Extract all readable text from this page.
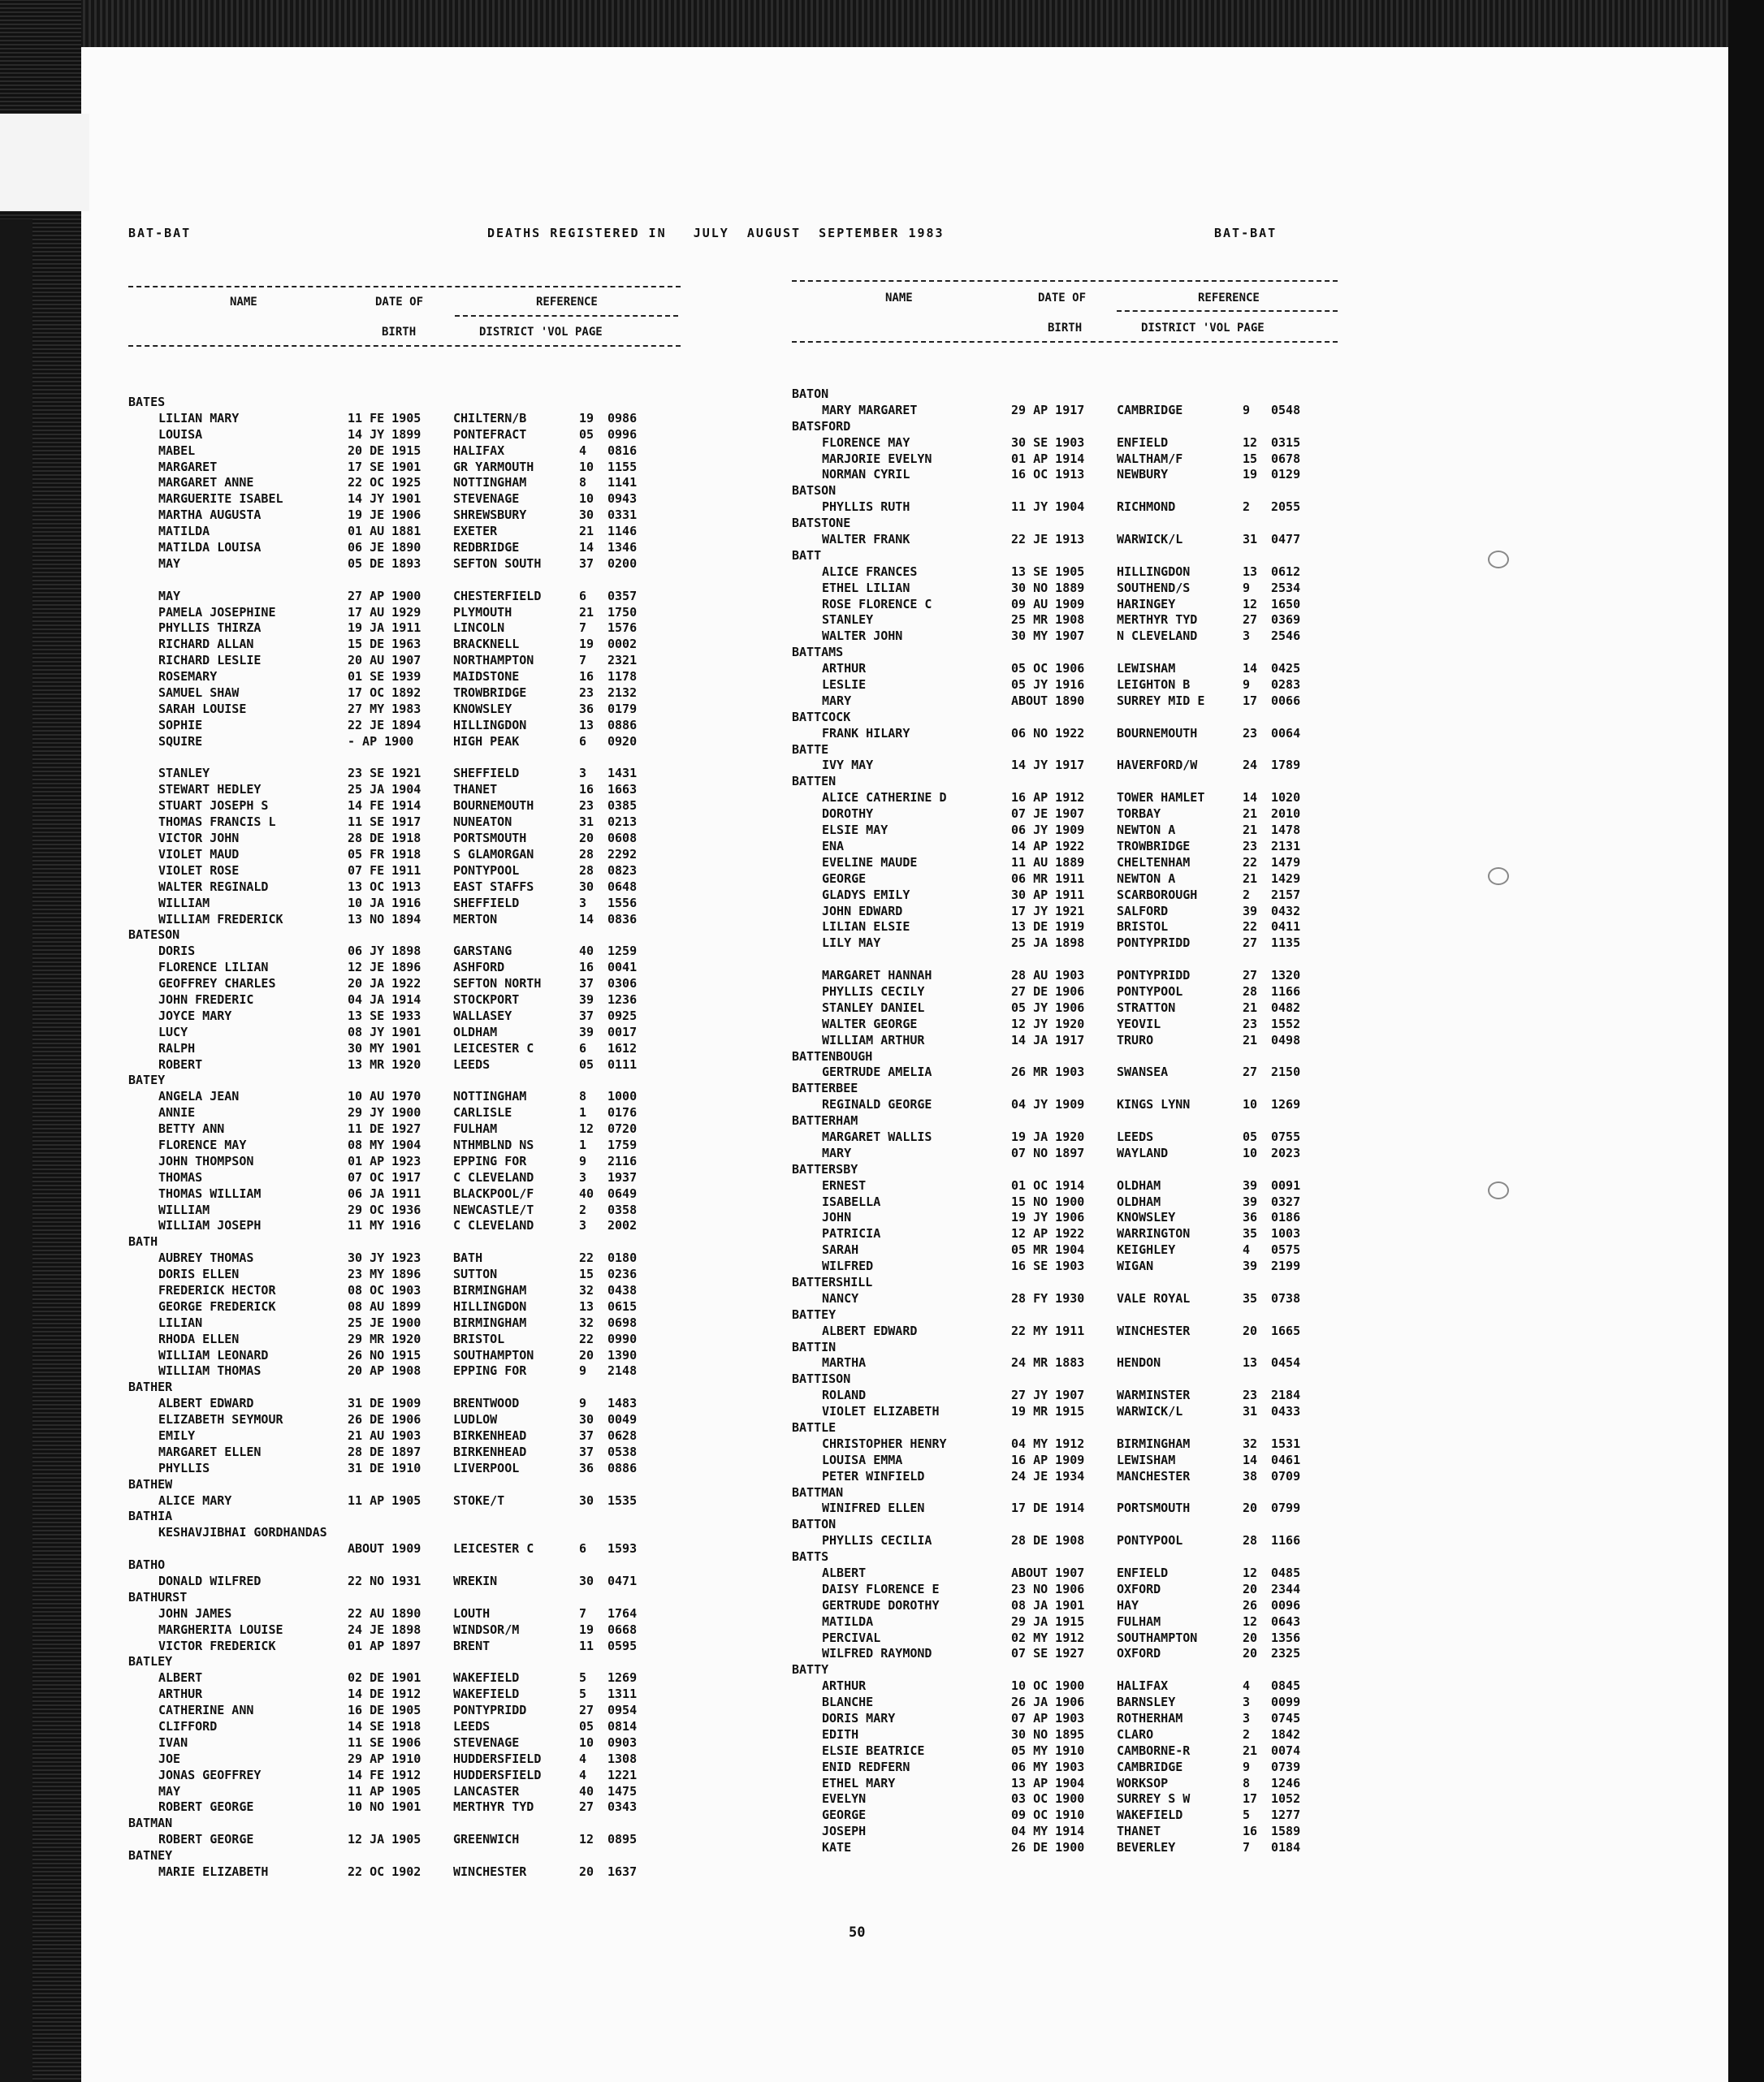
BAT-BAT	DEATHS REGISTERED IN   JULY  AUGUST  SEPTEMBER 1983	BAT-BAT
NAME	DATE OF	REFERENCE
BIRTH	DISTRICT 'VOL PAGE
NAME	DATE OF	REFERENCE
BIRTH	DISTRICT 'VOL PAGE
BATES
LILIAN MARY	11 FE 1905	CHILTERN/B	19 0986
LOUISA	14 JY 1899	PONTEFRACT	05 0996
MABEL	20 DE 1915	HALIFAX	4 0816
MARGARET	17 SE 1901	GR YARMOUTH	10 1155
MARGARET ANNE	22 OC 1925	NOTTINGHAM	8 1141
MARGUERITE ISABEL	14 JY 1901	STEVENAGE	10 0943
MARTHA AUGUSTA	19 JE 1906	SHREWSBURY	30 0331
MATILDA	01 AU 1881	EXETER	21 1146
MATILDA LOUISA	06 JE 1890	REDBRIDGE	14 1346
MAY	05 DE 1893	SEFTON SOUTH	37 0200
MAY	27 AP 1900	CHESTERFIELD	6 0357
PAMELA JOSEPHINE	17 AU 1929	PLYMOUTH	21 1750
PHYLLIS THIRZA	19 JA 1911	LINCOLN	7 1576
RICHARD ALLAN	15 DE 1963	BRACKNELL	19 0002
RICHARD LESLIE	20 AU 1907	NORTHAMPTON	7 2321
ROSEMARY	01 SE 1939	MAIDSTONE	16 1178
SAMUEL SHAW	17 OC 1892	TROWBRIDGE	23 2132
SARAH LOUISE	27 MY 1983	KNOWSLEY	36 0179
SOPHIE	22 JE 1894	HILLINGDON	13 0886
SQUIRE	- AP 1900	HIGH PEAK	6 0920
STANLEY	23 SE 1921	SHEFFIELD	3 1431
STEWART HEDLEY	25 JA 1904	THANET	16 1663
STUART JOSEPH S	14 FE 1914	BOURNEMOUTH	23 0385
THOMAS FRANCIS L	11 SE 1917	NUNEATON	31 0213
VICTOR JOHN	28 DE 1918	PORTSMOUTH	20 0608
VIOLET MAUD	05 FR 1918	S GLAMORGAN	28 2292
VIOLET ROSE	07 FE 1911	PONTYPOOL	28 0823
WALTER REGINALD	13 OC 1913	EAST STAFFS	30 0648
WILLIAM	10 JA 1916	SHEFFIELD	3 1556
WILLIAM FREDERICK	13 NO 1894	MERTON	14 0836
BATESON
DORIS	06 JY 1898	GARSTANG	40 1259
FLORENCE LILIAN	12 JE 1896	ASHFORD	16 0041
GEOFFREY CHARLES	20 JA 1922	SEFTON NORTH	37 0306
JOHN FREDERIC	04 JA 1914	STOCKPORT	39 1236
JOYCE MARY	13 SE 1933	WALLASEY	37 0925
LUCY	08 JY 1901	OLDHAM	39 0017
RALPH	30 MY 1901	LEICESTER C	6 1612
ROBERT	13 MR 1920	LEEDS	05 0111
BATEY
ANGELA JEAN	10 AU 1970	NOTTINGHAM	8 1000
ANNIE	29 JY 1900	CARLISLE	1 0176
BETTY ANN	11 DE 1927	FULHAM	12 0720
FLORENCE MAY	08 MY 1904	NTHMBLND NS	1 1759
JOHN THOMPSON	01 AP 1923	EPPING FOR	9 2116
THOMAS	07 OC 1917	C CLEVELAND	3 1937
THOMAS WILLIAM	06 JA 1911	BLACKPOOL/F	40 0649
WILLIAM	29 OC 1936	NEWCASTLE/T	2 0358
WILLIAM JOSEPH	11 MY 1916	C CLEVELAND	3 2002
BATH
AUBREY THOMAS	30 JY 1923	BATH	22 0180
DORIS ELLEN	23 MY 1896	SUTTON	15 0236
FREDERICK HECTOR	08 OC 1903	BIRMINGHAM	32 0438
GEORGE FREDERICK	08 AU 1899	HILLINGDON	13 0615
LILIAN	25 JE 1900	BIRMINGHAM	32 0698
RHODA ELLEN	29 MR 1920	BRISTOL	22 0990
WILLIAM LEONARD	26 NO 1915	SOUTHAMPTON	20 1390
WILLIAM THOMAS	20 AP 1908	EPPING FOR	9 2148
BATHER
ALBERT EDWARD	31 DE 1909	BRENTWOOD	9 1483
ELIZABETH SEYMOUR	26 DE 1906	LUDLOW	30 0049
EMILY	21 AU 1903	BIRKENHEAD	37 0628
MARGARET ELLEN	28 DE 1897	BIRKENHEAD	37 0538
PHYLLIS	31 DE 1910	LIVERPOOL	36 0886
BATHEW
ALICE MARY	11 AP 1905	STOKE/T	30 1535
BATHIA
KESHAVJIBHAI GORDHANDAS
ABOUT 1909	LEICESTER C	6 1593
BATHO
DONALD WILFRED	22 NO 1931	WREKIN	30 0471
BATHURST
JOHN JAMES	22 AU 1890	LOUTH	7 1764
MARGHERITA LOUISE	24 JE 1898	WINDSOR/M	19 0668
VICTOR FREDERICK	01 AP 1897	BRENT	11 0595
BATLEY
ALBERT	02 DE 1901	WAKEFIELD	5 1269
ARTHUR	14 DE 1912	WAKEFIELD	5 1311
CATHERINE ANN	16 DE 1905	PONTYPRIDD	27 0954
CLIFFORD	14 SE 1918	LEEDS	05 0814
IVAN	11 SE 1906	STEVENAGE	10 0903
JOE	29 AP 1910	HUDDERSFIELD	4 1308
JONAS GEOFFREY	14 FE 1912	HUDDERSFIELD	4 1221
MAY	11 AP 1905	LANCASTER	40 1475
ROBERT GEORGE	10 NO 1901	MERTHYR TYD	27 0343
BATMAN
ROBERT GEORGE	12 JA 1905	GREENWICH	12 0895
BATNEY
MARIE ELIZABETH	22 OC 1902	WINCHESTER	20 1637
BATON
MARY MARGARET	29 AP 1917	CAMBRIDGE	9 0548
BATSFORD
FLORENCE MAY	30 SE 1903	ENFIELD	12 0315
MARJORIE EVELYN	01 AP 1914	WALTHAM/F	15 0678
NORMAN CYRIL	16 OC 1913	NEWBURY	19 0129
BATSON
PHYLLIS RUTH	11 JY 1904	RICHMOND	2 2055
BATSTONE
WALTER FRANK	22 JE 1913	WARWICK/L	31 0477
BATT
ALICE FRANCES	13 SE 1905	HILLINGDON	13 0612
ETHEL LILIAN	30 NO 1889	SOUTHEND/S	9 2534
ROSE FLORENCE C	09 AU 1909	HARINGEY	12 1650
STANLEY	25 MR 1908	MERTHYR TYD	27 0369
WALTER JOHN	30 MY 1907	N CLEVELAND	3 2546
BATTAMS
ARTHUR	05 OC 1906	LEWISHAM	14 0425
LESLIE	05 JY 1916	LEIGHTON B	9 0283
MARY	ABOUT 1890	SURREY MID E	17 0066
BATTCOCK
FRANK HILARY	06 NO 1922	BOURNEMOUTH	23 0064
BATTE
IVY MAY	14 JY 1917	HAVERFORD/W	24 1789
BATTEN
ALICE CATHERINE D	16 AP 1912	TOWER HAMLET	14 1020
DOROTHY	07 JE 1907	TORBAY	21 2010
ELSIE MAY	06 JY 1909	NEWTON A	21 1478
ENA	14 AP 1922	TROWBRIDGE	23 2131
EVELINE MAUDE	11 AU 1889	CHELTENHAM	22 1479
GEORGE	06 MR 1911	NEWTON A	21 1429
GLADYS EMILY	30 AP 1911	SCARBOROUGH	2 2157
JOHN EDWARD	17 JY 1921	SALFORD	39 0432
LILIAN ELSIE	13 DE 1919	BRISTOL	22 0411
LILY MAY	25 JA 1898	PONTYPRIDD	27 1135
MARGARET HANNAH	28 AU 1903	PONTYPRIDD	27 1320
PHYLLIS CECILY	27 DE 1906	PONTYPOOL	28 1166
STANLEY DANIEL	05 JY 1906	STRATTON	21 0482
WALTER GEORGE	12 JY 1920	YEOVIL	23 1552
WILLIAM ARTHUR	14 JA 1917	TRURO	21 0498
BATTENBOUGH
GERTRUDE AMELIA	26 MR 1903	SWANSEA	27 2150
BATTERBEE
REGINALD GEORGE	04 JY 1909	KINGS LYNN	10 1269
BATTERHAM
MARGARET WALLIS	19 JA 1920	LEEDS	05 0755
MARY	07 NO 1897	WAYLAND	10 2023
BATTERSBY
ERNEST	01 OC 1914	OLDHAM	39 0091
ISABELLA	15 NO 1900	OLDHAM	39 0327
JOHN	19 JY 1906	KNOWSLEY	36 0186
PATRICIA	12 AP 1922	WARRINGTON	35 1003
SARAH	05 MR 1904	KEIGHLEY	4 0575
WILFRED	16 SE 1903	WIGAN	39 2199
BATTERSHILL
NANCY	28 FY 1930	VALE ROYAL	35 0738
BATTEY
ALBERT EDWARD	22 MY 1911	WINCHESTER	20 1665
BATTIN
MARTHA	24 MR 1883	HENDON	13 0454
BATTISON
ROLAND	27 JY 1907	WARMINSTER	23 2184
VIOLET ELIZABETH	19 MR 1915	WARWICK/L	31 0433
BATTLE
CHRISTOPHER HENRY	04 MY 1912	BIRMINGHAM	32 1531
LOUISA EMMA	16 AP 1909	LEWISHAM	14 0461
PETER WINFIELD	24 JE 1934	MANCHESTER	38 0709
BATTMAN
WINIFRED ELLEN	17 DE 1914	PORTSMOUTH	20 0799
BATTON
PHYLLIS CECILIA	28 DE 1908	PONTYPOOL	28 1166
BATTS
ALBERT	ABOUT 1907	ENFIELD	12 0485
DAISY FLORENCE E	23 NO 1906	OXFORD	20 2344
GERTRUDE DOROTHY	08 JA 1901	HAY	26 0096
MATILDA	29 JA 1915	FULHAM	12 0643
PERCIVAL	02 MY 1912	SOUTHAMPTON	20 1356
WILFRED RAYMOND	07 SE 1927	OXFORD	20 2325
BATTY
ARTHUR	10 OC 1900	HALIFAX	4 0845
BLANCHE	26 JA 1906	BARNSLEY	3 0099
DORIS MARY	07 AP 1903	ROTHERHAM	3 0745
EDITH	30 NO 1895	CLARO	2 1842
ELSIE BEATRICE	05 MY 1910	CAMBORNE-R	21 0074
ENID REDFERN	06 MY 1903	CAMBRIDGE	9 0739
ETHEL MARY	13 AP 1904	WORKSOP	8 1246
EVELYN	03 OC 1900	SURREY S W	17 1052
GEORGE	09 OC 1910	WAKEFIELD	5 1277
JOSEPH	04 MY 1914	THANET	16 1589
KATE	26 DE 1900	BEVERLEY	7 0184
50
